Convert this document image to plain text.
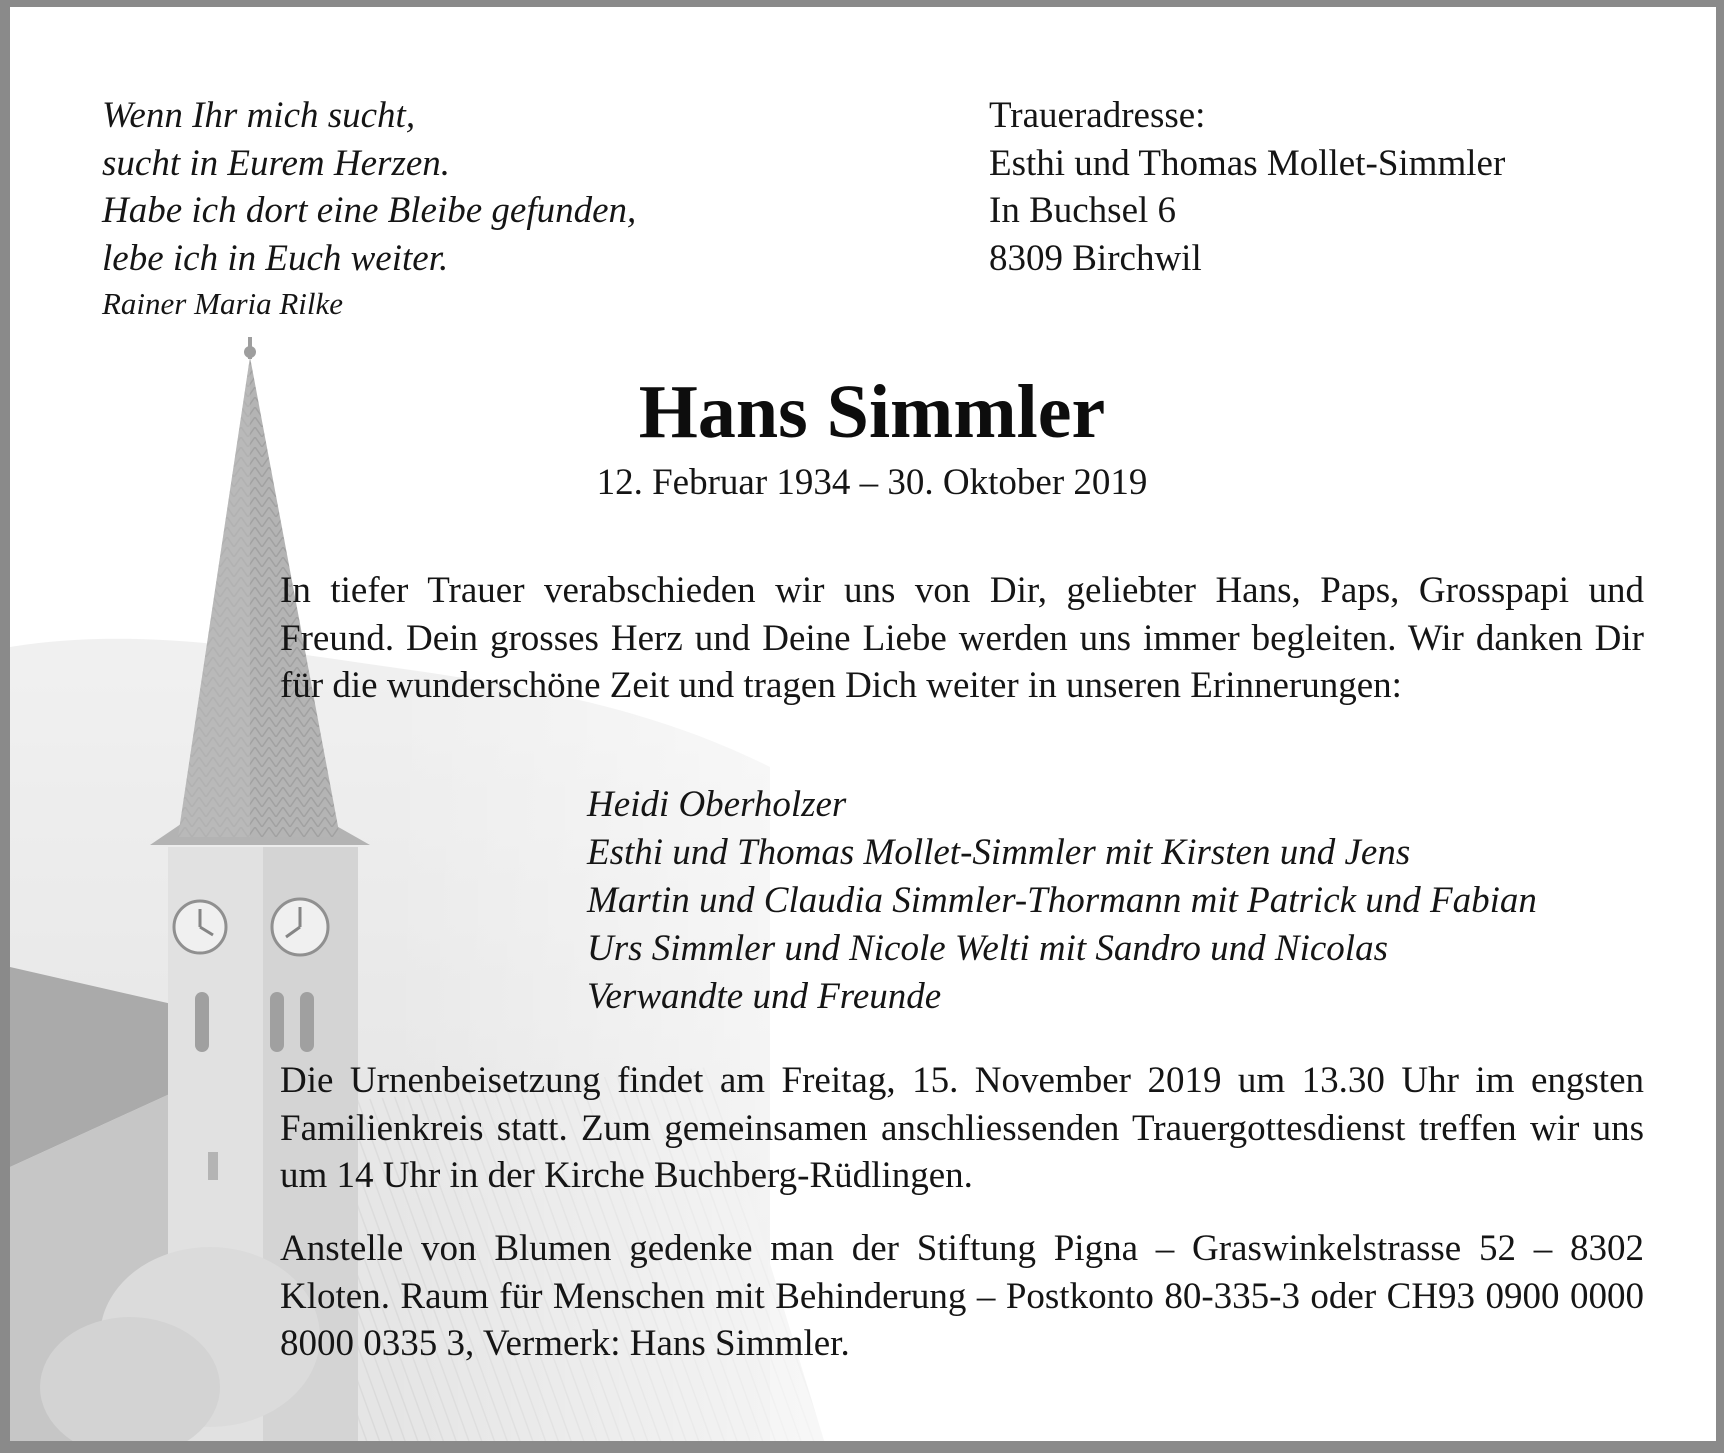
Wenn Ihr mich sucht,
sucht in Eurem Herzen.
Habe ich dort eine Bleibe gefunden,
lebe ich in Euch weiter.
Rainer Maria Rilke
Traueradresse:
Esthi und Thomas Mollet-Simmler
In Buchsel 6
8309 Birchwil
Hans Simmler
12. Februar 1934 – 30. Oktober 2019
In tiefer Trauer verabschieden wir uns von Dir, geliebter Hans, Paps, Grosspapi und Freund. Dein grosses Herz und Deine Liebe werden uns immer begleiten. Wir danken Dir für die wunderschöne Zeit und tragen Dich weiter in unseren Erinnerungen:
Heidi Oberholzer
Esthi und Thomas Mollet-Simmler mit Kirsten und Jens
Martin und Claudia Simmler-Thormann mit Patrick und Fabian
Urs Simmler und Nicole Welti mit Sandro und Nicolas
Verwandte und Freunde
Die Urnenbeisetzung findet am Freitag, 15. November 2019 um 13.30 Uhr im engsten Familienkreis statt. Zum gemeinsamen anschliessenden Trauergottesdienst treffen wir uns um 14 Uhr in der Kirche Buchberg-Rüdlingen.
Anstelle von Blumen gedenke man der Stiftung Pigna – Graswinkelstrasse 52 – 8302 Kloten. Raum für Menschen mit Behinderung – Postkonto 80-335-3 oder CH93 0900 0000 8000 0335 3, Vermerk: Hans Simmler.
